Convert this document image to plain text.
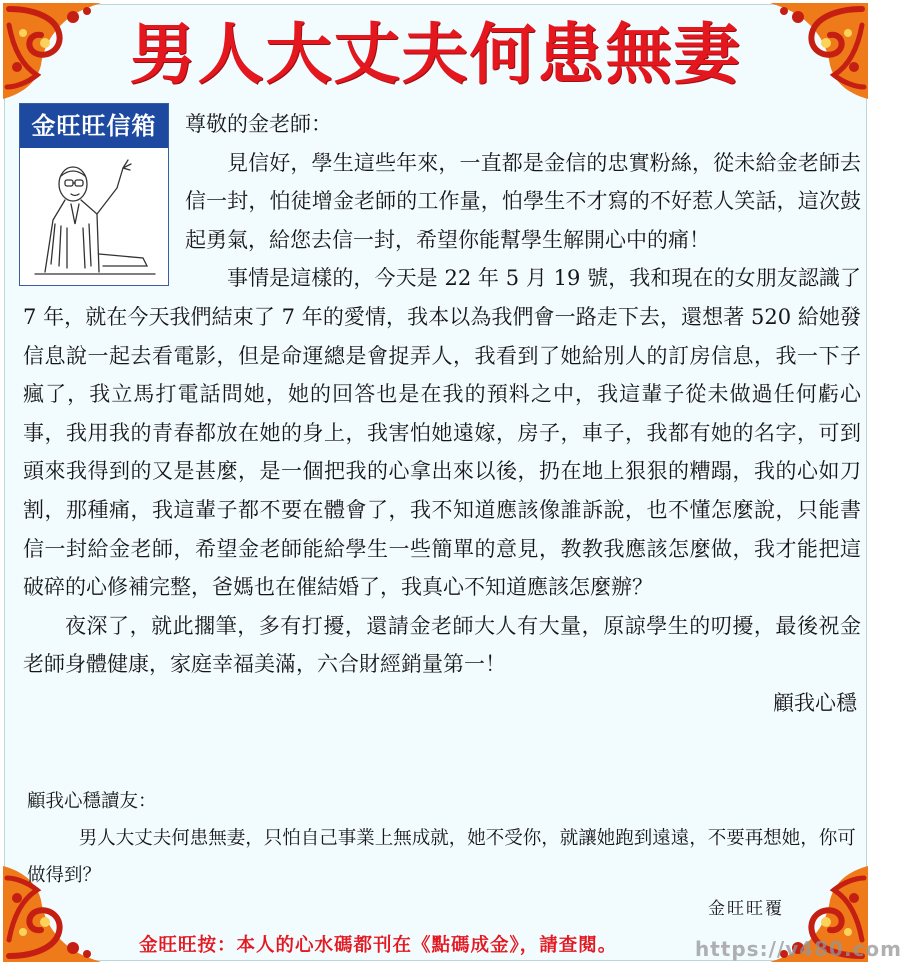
男人大丈夫何患無妻
金旺旺信箱	尊敬的金老師：

見信好，學生這些年來，一直都是金信的忠實粉絲，從未給金老師去信一封，怕徒增金老師的工作量，怕學生不才寫的不好惹人笑話，這次鼓起勇氣，給您去信一封，希望你能幫學生解開心中的痛！

事情是這樣的，今天是 22 年 5 月 19 號，我和現在的女朋友認識了 7 年，就在今天我們結束了 7 年的愛情，我本以為我們會一路走下去，還想著 520 給她發信息說一起去看電影，但是命運總是會捉弄人，我看到了她給別人的訂房信息，我一下子瘋了，我立馬打電話問她，她的回答也是在我的預料之中，我這輩子從未做過任何虧心事，我用我的青春都放在她的身上，我害怕她遠嫁，房子，車子，我都有她的名字，可到頭來我得到的又是甚麼，是一個把我的心拿出來以後，扔在地上狠狠的糟蹋，我的心如刀割，那種痛，我這輩子都不要在體會了，我不知道應該像誰訴說，也不懂怎麼說，只能書信一封給金老師，希望金老師能給學生一些簡單的意見，教教我應該怎麼做，我才能把這破碎的心修補完整，爸媽也在催結婚了，我真心不知道應該怎麼辦？

夜深了，就此擱筆，多有打擾，還請金老師大人有大量，原諒學生的叨擾，最後祝金老師身體健康，家庭幸福美滿，六合財經銷量第一！

顧我心穩

顧我心穩讀友：

男人大丈夫何患無妻，只怕自己事業上無成就，她不受你，就讓她跑到遠遠，不要再想她，你可做得到？

金旺旺覆
金旺旺按：本人的心水碼都刊在《點碼成金》，請查閱。	https://v480.com
